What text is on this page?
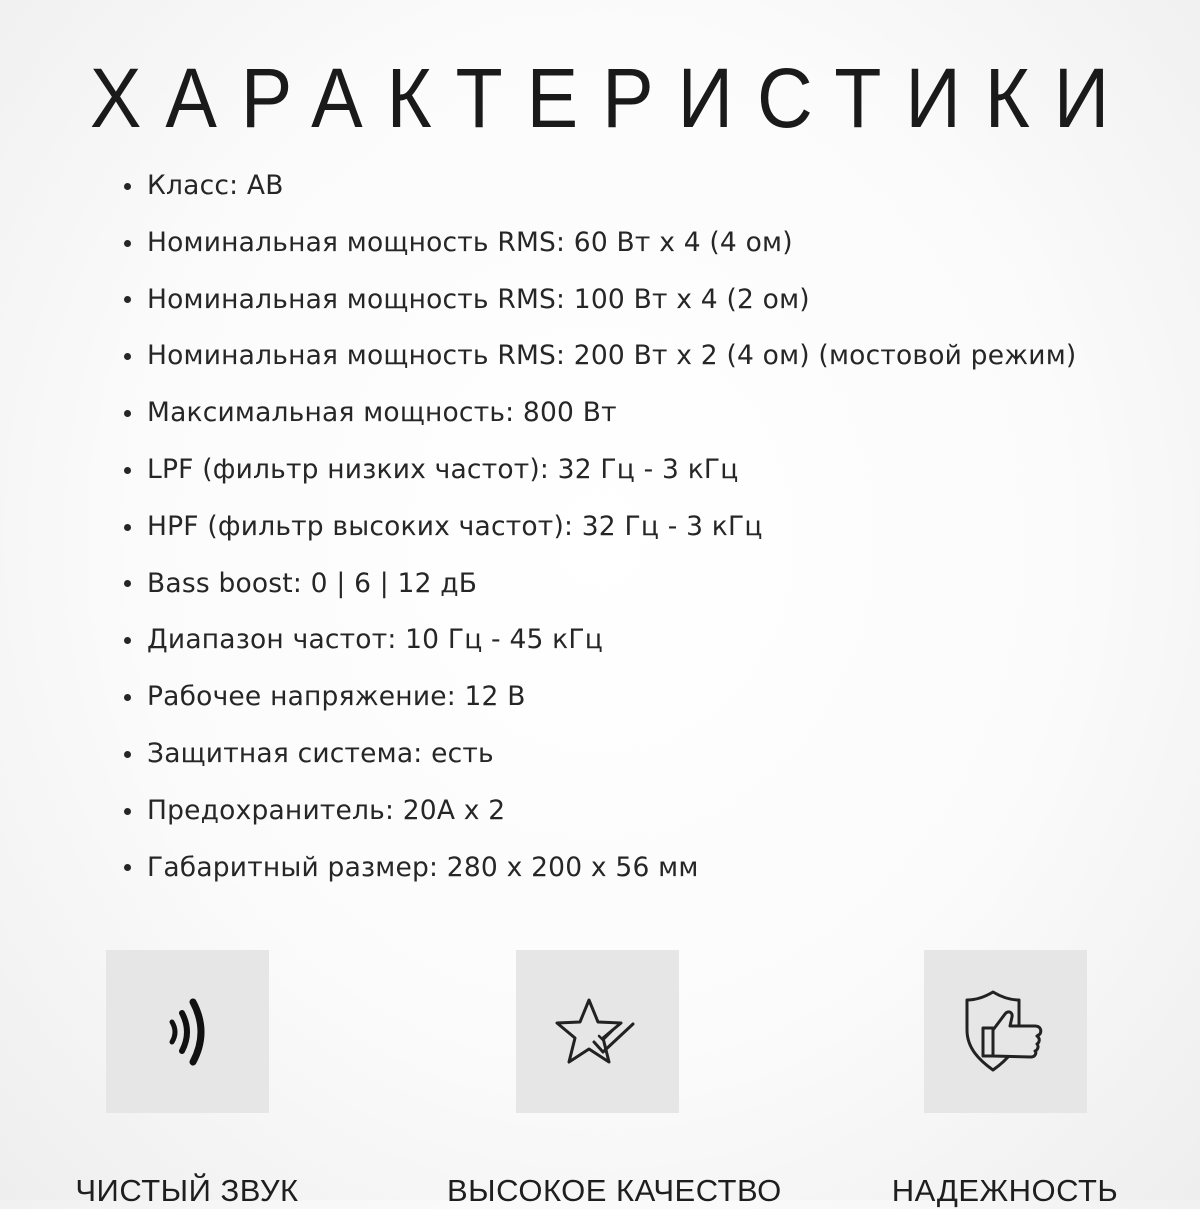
ХАРАКТЕРИСТИКИ
Класс: AB
Номинальная мощность RMS: 60 Вт х 4 (4 ом)
Номинальная мощность RMS: 100 Вт х 4 (2 ом)
Номинальная мощность RMS: 200 Вт х 2 (4 ом) (мостовой режим)
Максимальная мощность: 800 Вт
LPF (фильтр низких частот): 32 Гц - 3 кГц
HPF (фильтр высоких частот): 32 Гц - 3 кГц
Bass boost: 0 | 6 | 12 дБ
Диапазон частот: 10 Гц - 45 кГц
Рабочее напряжение: 12 В
Защитная система: есть
Предохранитель: 20А х 2
Габаритный размер: 280 х 200 х 56 мм
ЧИСТЫЙ ЗВУК	ВЫСОКОЕ КАЧЕСТВО	НАДЕЖНОСТЬ
